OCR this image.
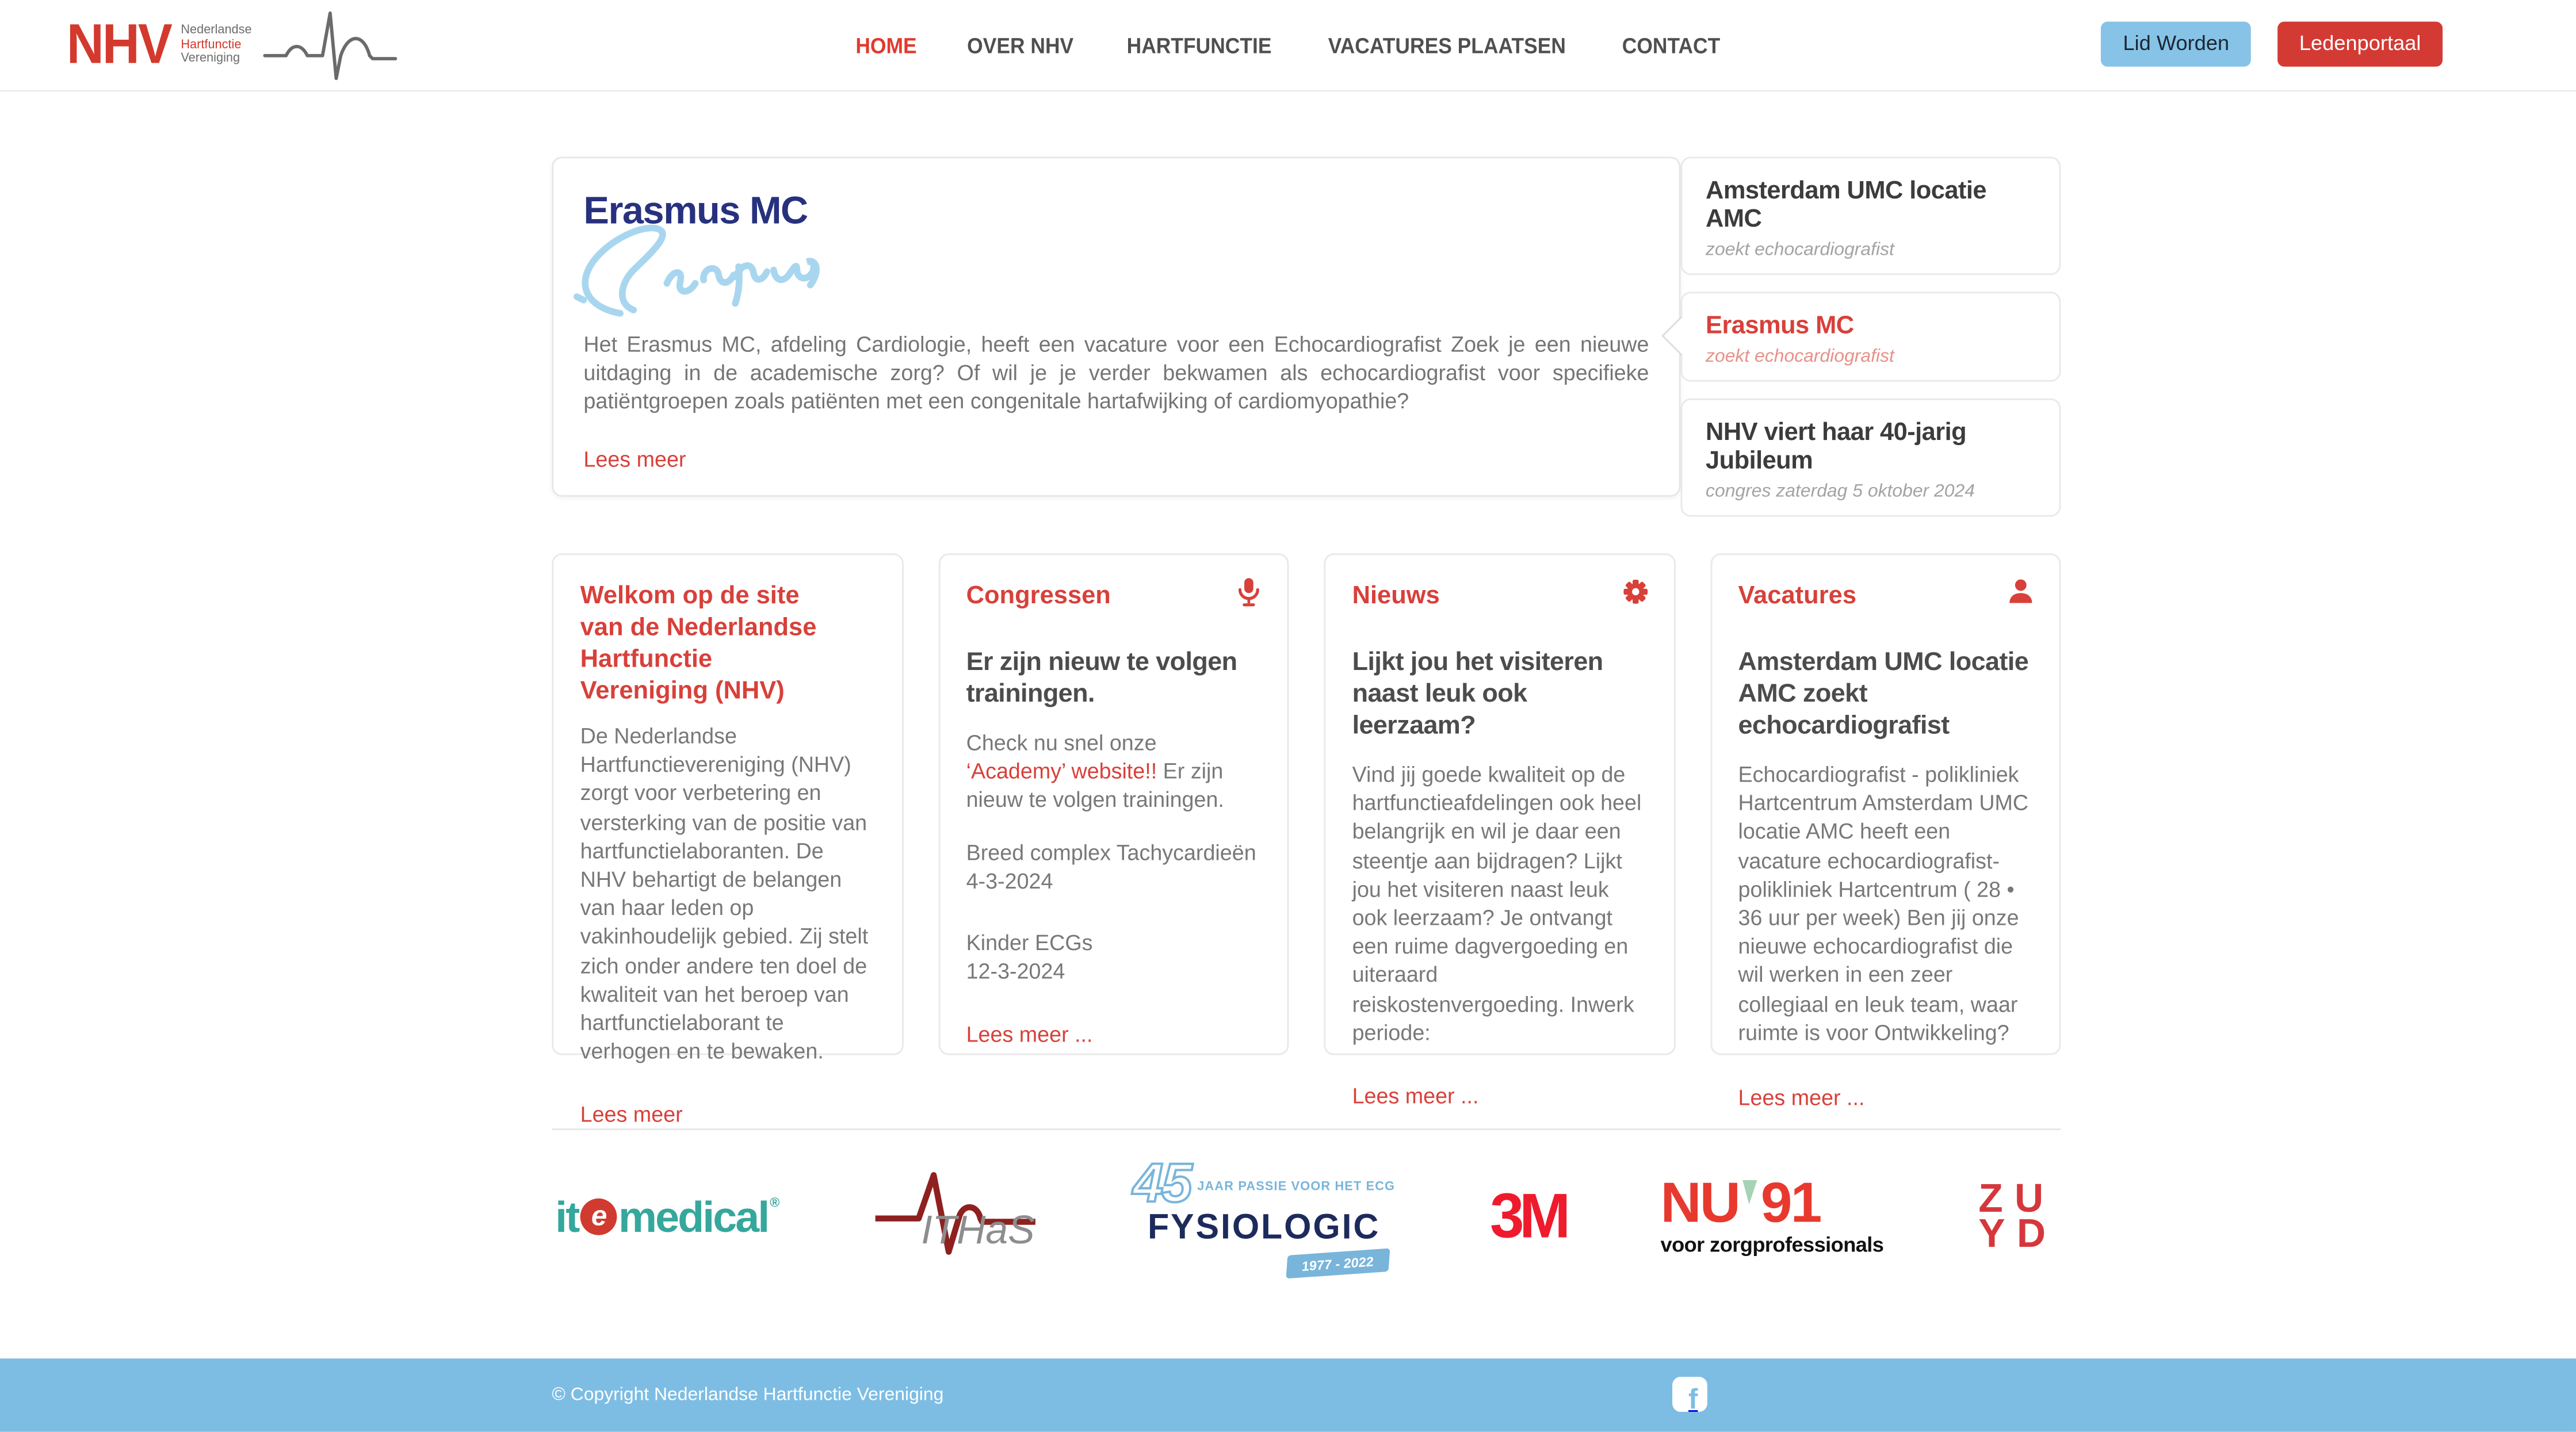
NHV Nederlandse
Hartfunctie
Vereniging
HOME	OVER NHV	HARTFUNCTIE	VACATURES PLAATSEN	CONTACT	Lid Worden	Ledenportaal
Erasmus MC

Het Erasmus MC, afdeling Cardiologie, heeft een vacature voor een Echocardiografist Zoek je een nieuwe uitdaging in de academische zorg? Of wil je je verder bekwamen als echocardiografist voor specifieke patiëntgroepen zoals patiënten met een congenitale hartafwijking of cardiomyopathie?

Lees meer
Amsterdam UMC locatie AMC
zoekt echocardiografist
Erasmus MC
zoekt echocardiografist
NHV viert haar 40-jarig Jubileum
congres zaterdag 5 oktober 2024
Welkom op de site van de Nederlandse Hartfunctie Vereniging (NHV)

De Nederlandse Hartfunctievereniging (NHV) zorgt voor verbetering en versterking van de positie van hartfunctielaboranten. De NHV behartigt de belangen van haar leden op vakinhoudelijk gebied. Zij stelt zich onder andere ten doel de kwaliteit van het beroep van hartfunctielaborant te verhogen en te bewaken.

Lees meer
Congressen
Er zijn nieuw te volgen trainingen.

Check nu snel onze ‘Academy’ website!! Er zijn nieuw te volgen trainingen.

Breed complex Tachycardieën
4-3-2024

Kinder ECGs
12-3-2024

Lees meer ...
Nieuws
Lijkt jou het visiteren naast leuk ook leerzaam?

Vind jij goede kwaliteit op de hartfunctieafdelingen ook heel belangrijk en wil je daar een steentje aan bijdragen? Lijkt jou het visiteren naast leuk ook leerzaam? Je ontvangt een ruime dagvergoeding en uiteraard reiskostenvergoeding. Inwerk periode:

Lees meer ...
Vacatures
Amsterdam UMC locatie AMC zoekt echocardiografist

Echocardiografist - polikliniek Hartcentrum Amsterdam UMC locatie AMC heeft een vacature echocardiografist- polikliniek Hartcentrum ( 28 • 36 uur per week) Ben jij onze nieuwe echocardiografist die wil werken in een zeer collegiaal en leuk team, waar ruimte is voor Ontwikkeling?

Lees meer ...
it	e medical ®
ITHaS
45 JAAR PASSIE VOOR HET ECG
FYSIOLOGIC
1977 - 2022
3M	NU 91
voor zorgprofessionals
ZU
YD
© Copyright Nederlandse Hartfunctie Vereniging	f
